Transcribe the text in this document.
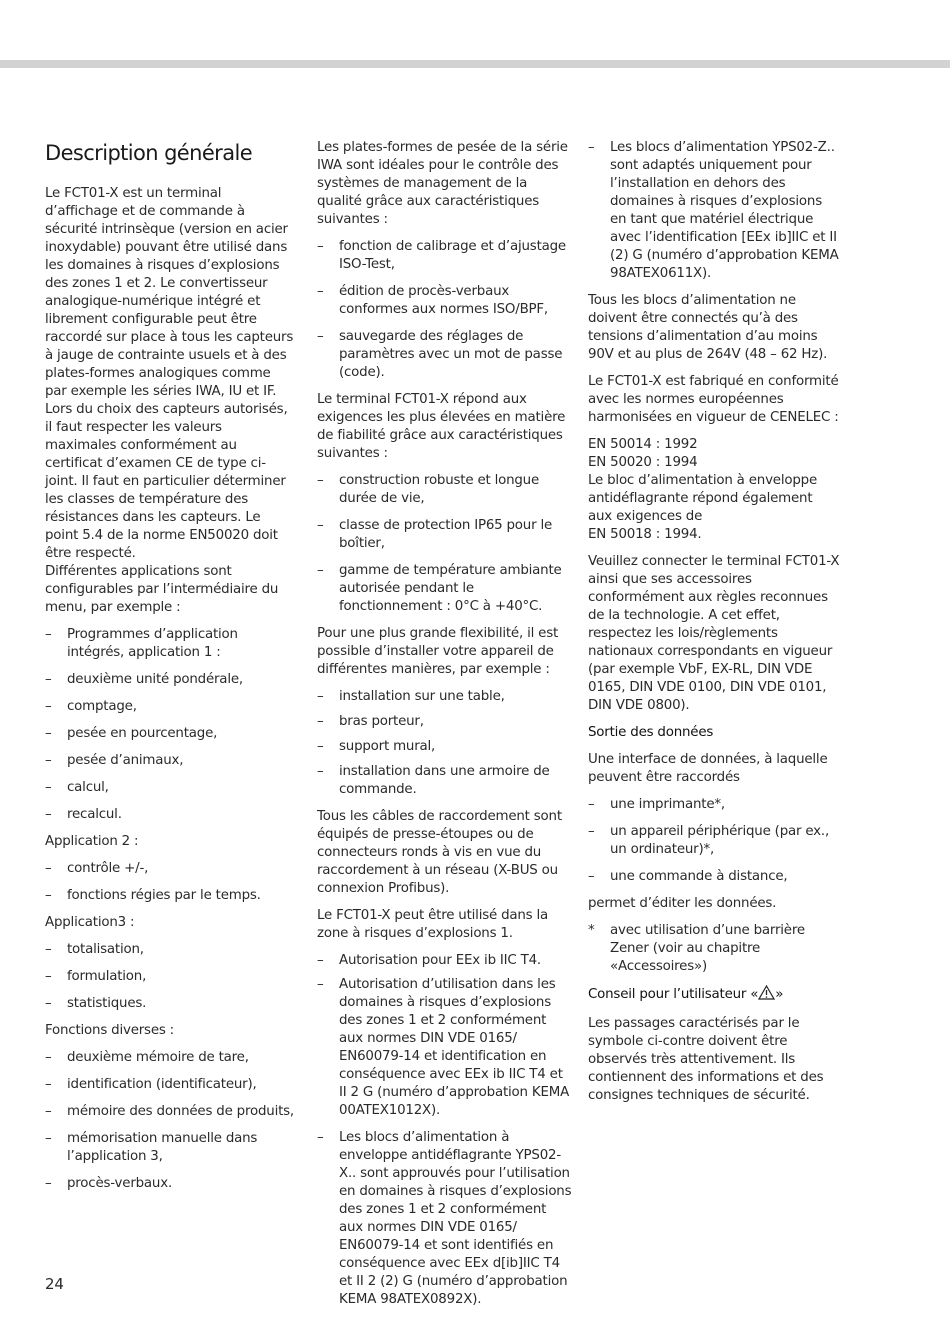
Description générale

Le FCT01-X est un terminal d’affichage et de commande à sécurité intrinsèque (version en acier inoxydable) pouvant être utilisé dans les domaines à risques d’explosions des zones 1 et 2. Le convertisseur analogique-numérique intégré et librement configurable peut être raccordé sur place à tous les capteurs à jauge de contrainte usuels et à des plates-formes analogiques comme par exemple les séries IWA, IU et IF.

Lors du choix des capteurs autorisés, il faut respecter les valeurs maximales conformément au certificat d’examen CE de type ci-joint. Il faut en particulier déterminer les classes de température des résistances dans les capteurs. Le point 5.4 de la norme EN50020 doit être respecté.

Différentes applications sont configurables par l’intermédiaire du menu, par exemple :

– Programmes d’application intégrés, application 1 :
– deuxième unité pondérale,
– comptage,
– pesée en pourcentage,
– pesée d’animaux,
– calcul,
– recalcul.

Application 2 :

– contrôle +/-,
– fonctions régies par le temps.

Application3 :

– totalisation,
– formulation,
– statistiques.

Fonctions diverses :

– deuxième mémoire de tare,
– identification (identificateur),
– mémoire des données de produits,
– mémorisation manuelle dans l’application 3,
– procès-verbaux.

Les plates-formes de pesée de la série IWA sont idéales pour le contrôle des systèmes de management de la qualité grâce aux caractéristiques suivantes :

– fonction de calibrage et d’ajustage ISO-Test,
– édition de procès-verbaux conformes aux normes ISO/BPF,
– sauvegarde des réglages de paramètres avec un mot de passe (code).

Le terminal FCT01-X répond aux exigences les plus élevées en matière de fiabilité grâce aux caractéristiques suivantes :

– construction robuste et longue durée de vie,
– classe de protection IP65 pour le boîtier,
– gamme de température ambiante autorisée pendant le fonctionnement : 0°C à +40°C.

Pour une plus grande flexibilité, il est possible d’installer votre appareil de différentes manières, par exemple :

– installation sur une table,
– bras porteur,
– support mural,
– installation dans une armoire de commande.

Tous les câbles de raccordement sont équipés de presse-étoupes ou de connecteurs ronds à vis en vue du raccordement à un réseau (X-BUS ou connexion Profibus).

Le FCT01-X peut être utilisé dans la zone à risques d’explosions 1.

– Autorisation pour EEx ib IIC T4.
– Autorisation d’utilisation dans les domaines à risques d’explosions des zones 1 et 2 conformément aux normes DIN VDE 0165/ EN60079-14 et identification en conséquence avec EEx ib IIC T4 et II 2 G (numéro d’approbation KEMA 00ATEX1012X).
– Les blocs d’alimentation à enveloppe antidéflagrante YPS02-X.. sont approuvés pour l’utilisation en domaines à risques d’explosions des zones 1 et 2 conformément aux normes DIN VDE 0165/ EN60079-14 et sont identifiés en conséquence avec EEx d[ib]IIC T4 et II 2 (2) G (numéro d’approbation KEMA 98ATEX0892X).
– Les blocs d’alimentation YPS02-Z.. sont adaptés uniquement pour l’installation en dehors des domaines à risques d’explosions en tant que matériel électrique avec l’identification [EEx ib]IIC et II (2) G (numéro d’approbation KEMA 98ATEX0611X).

Tous les blocs d’alimentation ne doivent être connectés qu’à des tensions d’alimentation d’au moins 90V et au plus de 264V (48 – 62 Hz).

Le FCT01-X est fabriqué en conformité avec les normes européennes harmonisées en vigueur de CENELEC :

EN 50014 : 1992

EN 50020 : 1994

Le bloc d’alimentation à enveloppe antidéflagrante répond également aux exigences de

EN 50018 : 1994.

Veuillez connecter le terminal FCT01-X ainsi que ses accessoires conformément aux règles reconnues de la technologie. A cet effet, respectez les lois/règlements nationaux correspondants en vigueur (par exemple VbF, EX-RL, DIN VDE 0165, DIN VDE 0100, DIN VDE 0101, DIN VDE 0800).

Sortie des données

Une interface de données, à laquelle peuvent être raccordés

– une imprimante*,
– un appareil périphérique (par ex., un ordinateur)*,
– une commande à distance,

permet d’éditer les données.

* avec utilisation d’une barrière Zener (voir au chapitre «Accessoires»)

Conseil pour l’utilisateur « »

Les passages caractérisés par le symbole ci-contre doivent être observés très attentivement. Ils contiennent des informations et des consignes techniques de sécurité.

24
